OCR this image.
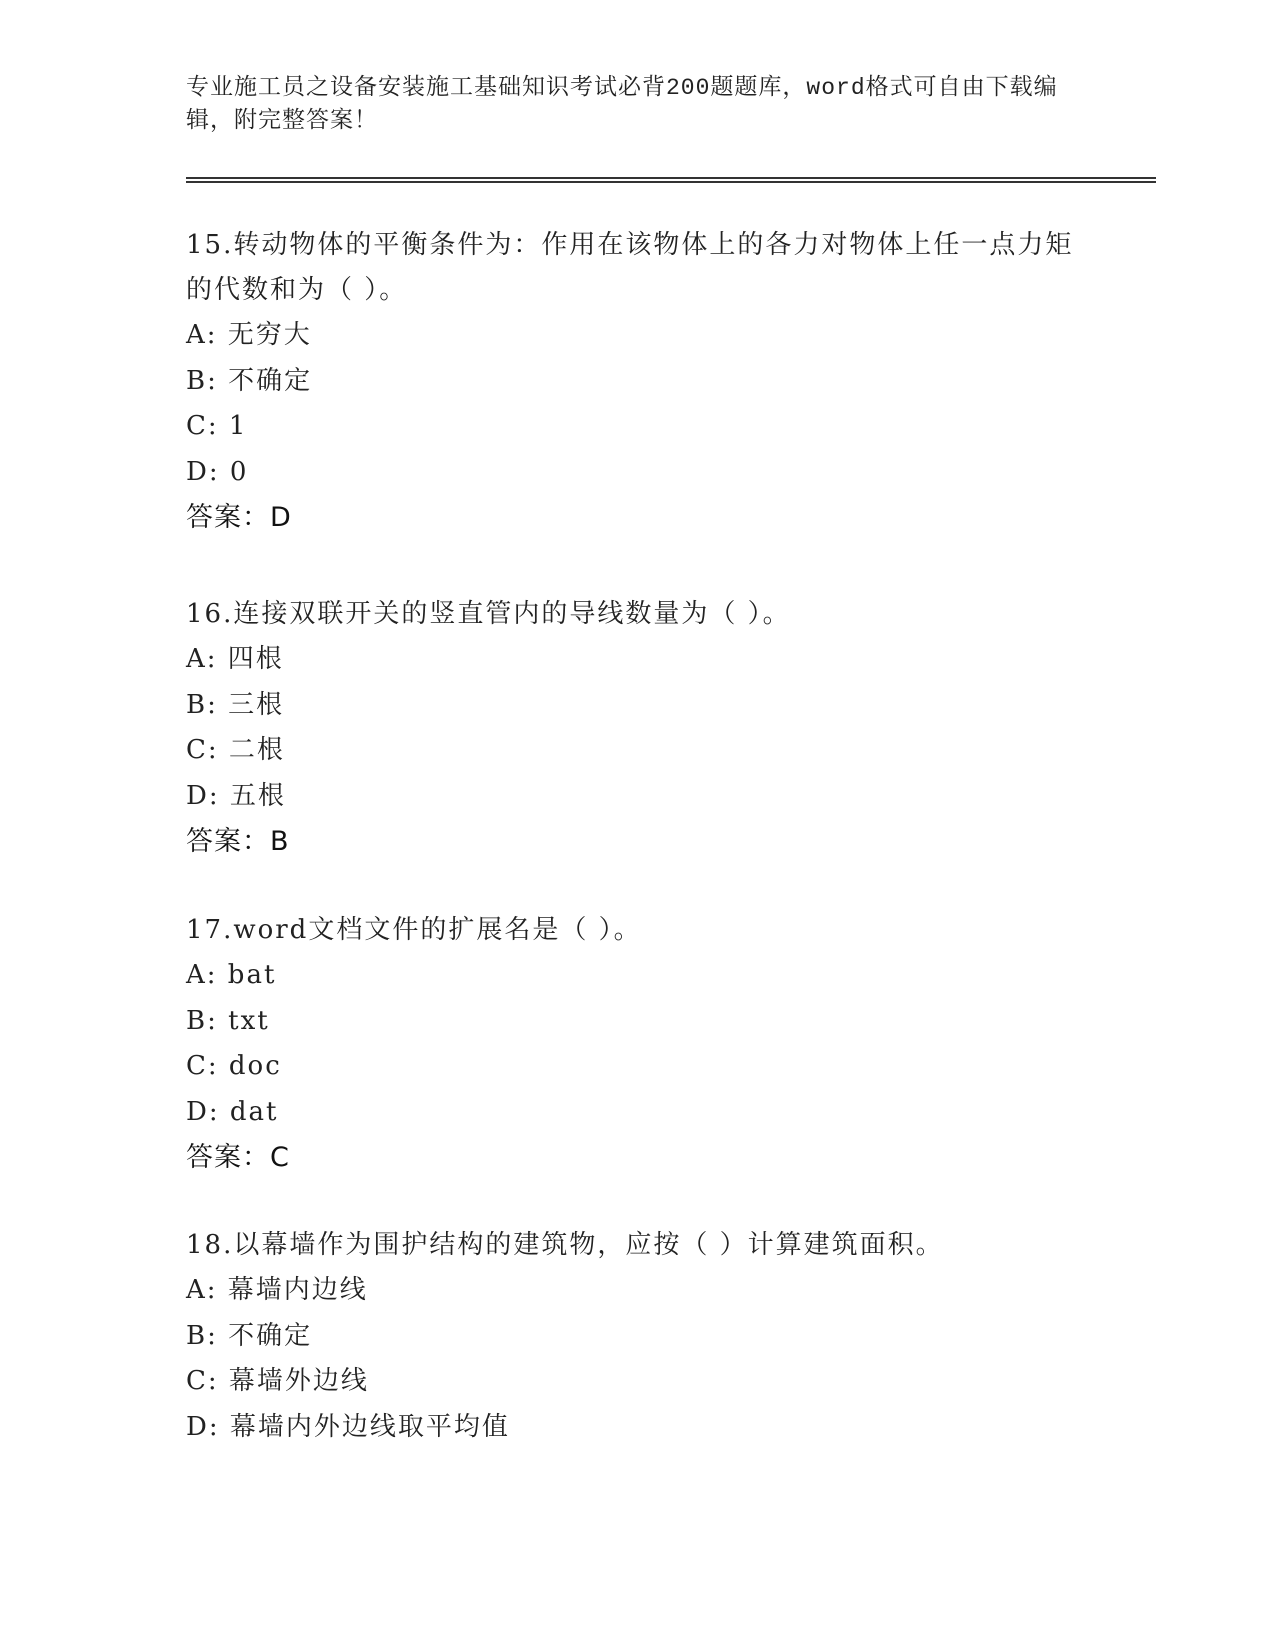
专业施工员之设备安装施工基础知识考试必背200题题库，word格式可自由下载编辑，附完整答案！
15.转动物体的平衡条件为：作用在该物体上的各力对物体上任一点力矩的代数和为（ ）。
A: 无穷大
B: 不确定
C: 1
D: 0
答案：D
16.连接双联开关的竖直管内的导线数量为（ ）。
A: 四根
B: 三根
C: 二根
D: 五根
答案：B
17.word文档文件的扩展名是（ ）。
A: bat
B: txt
C: doc
D: dat
答案：C
18.以幕墙作为围护结构的建筑物，应按（ ）计算建筑面积。
A: 幕墙内边线
B: 不确定
C: 幕墙外边线
D: 幕墙内外边线取平均值
